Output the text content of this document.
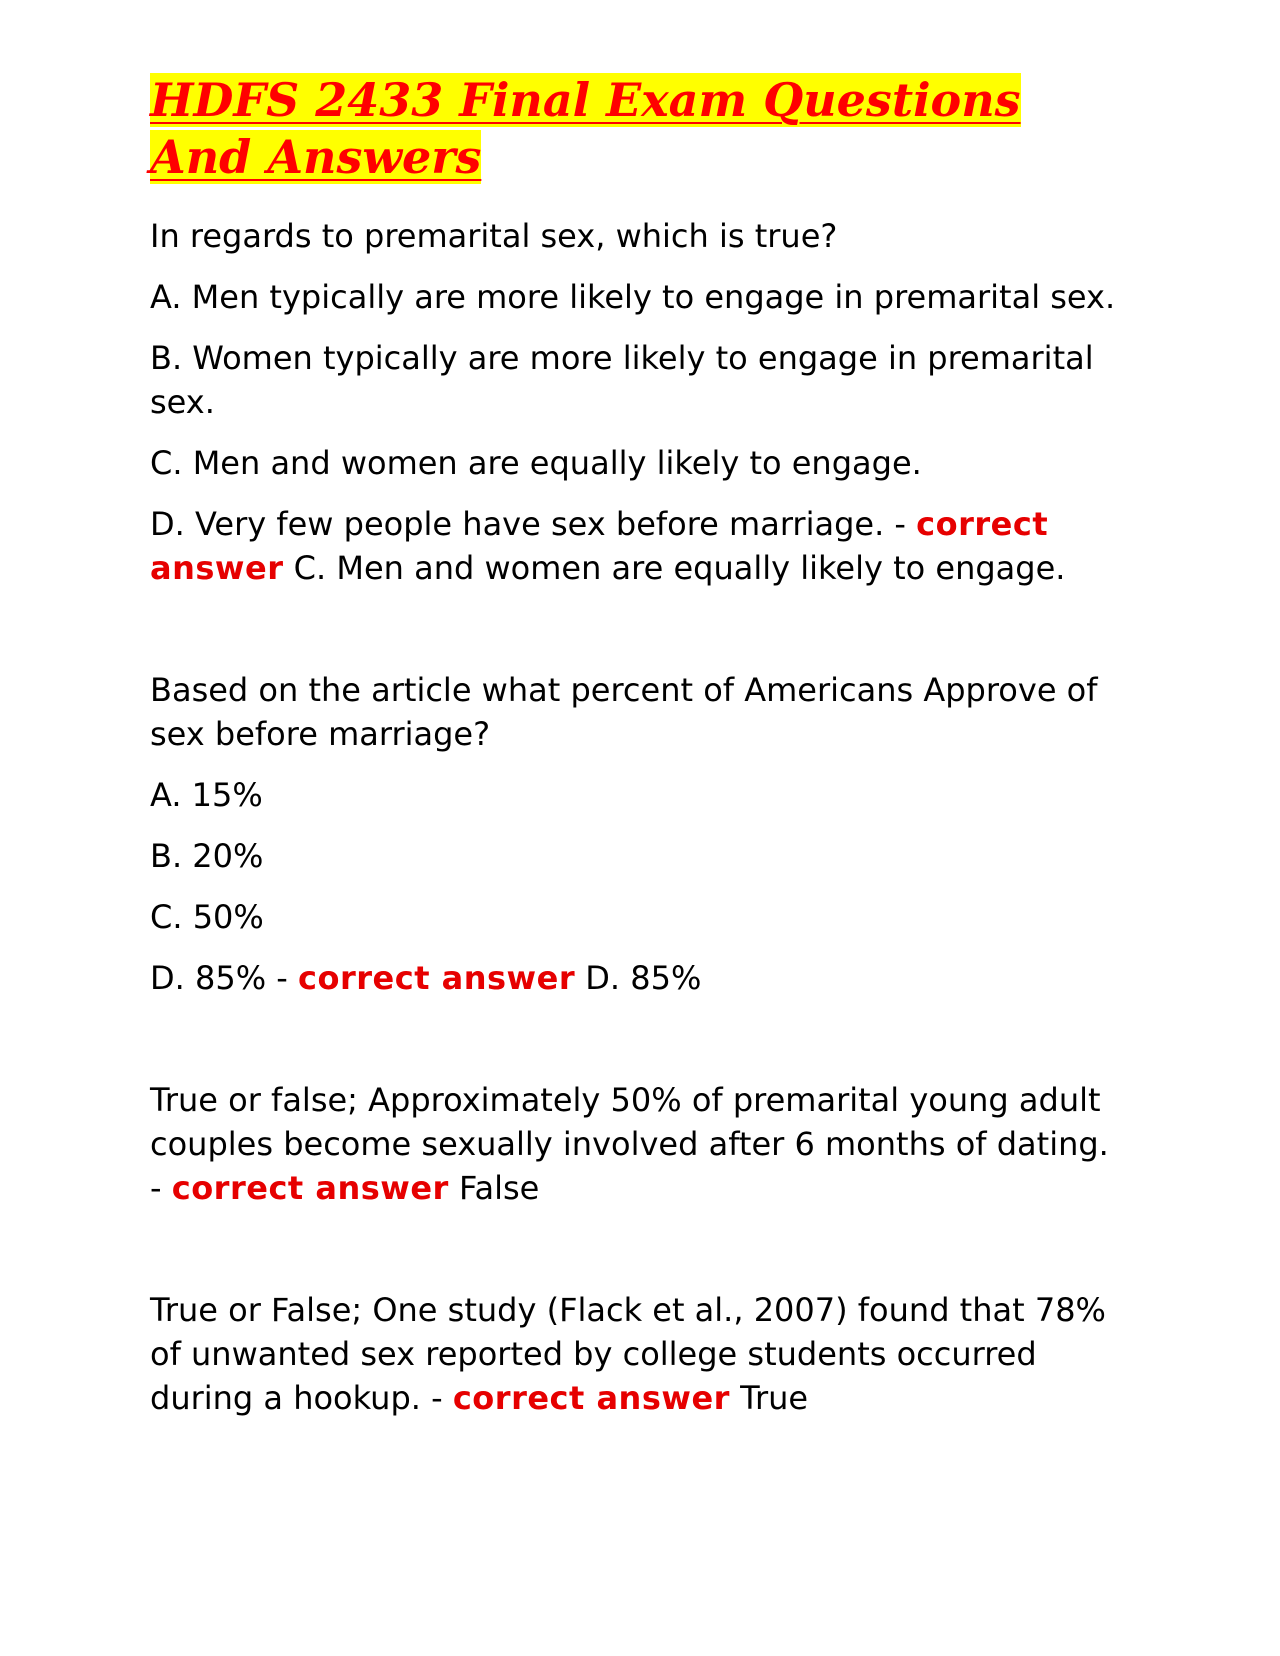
HDFS 2433 Final Exam Questions And Answers

In regards to premarital sex, which is true?

A. Men typically are more likely to engage in premarital sex.

B. Women typically are more likely to engage in premarital sex.

C. Men and women are equally likely to engage.

D. Very few people have sex before marriage. - correct answer C. Men and women are equally likely to engage.

Based on the article what percent of Americans Approve of sex before marriage?

A. 15%

B. 20%

C. 50%

D. 85% - correct answer D. 85%

True or false; Approximately 50% of premarital young adult couples become sexually involved after 6 months of dating. - correct answer False

True or False; One study (Flack et al., 2007) found that 78% of unwanted sex reported by college students occurred during a hookup. - correct answer True
